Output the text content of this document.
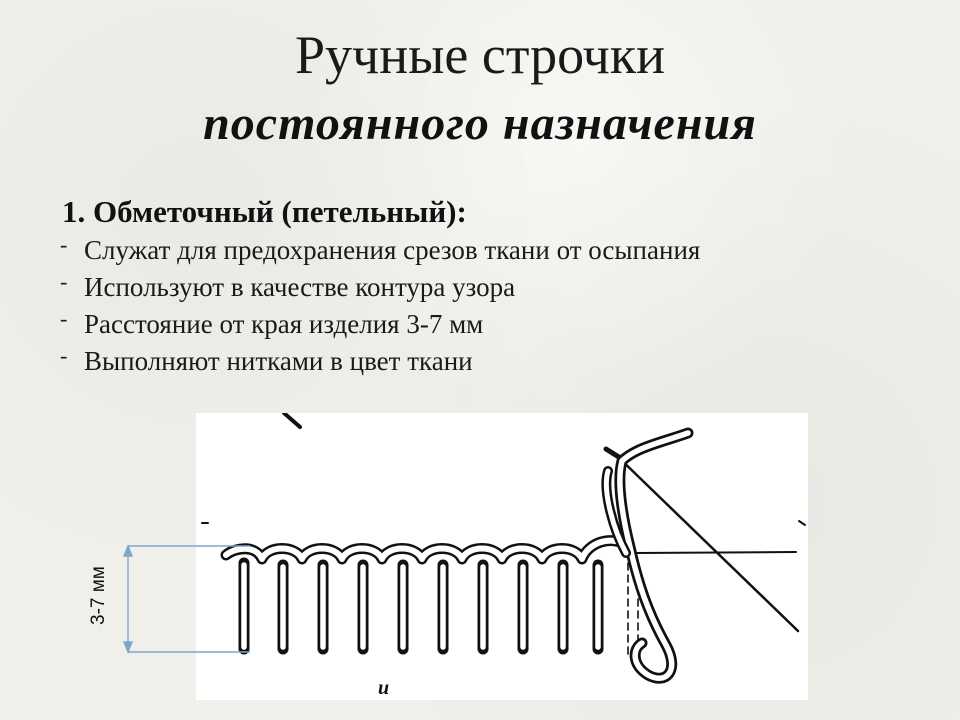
Ручные строчки
постоянного назначения
1. Обметочный (петельный):
- Служат для предохранения срезов ткани от осыпания
- Используют в качестве контура узора
- Расстояние от края изделия 3-7 мм
- Выполняют нитками в цвет ткани
и
3-7 мм
